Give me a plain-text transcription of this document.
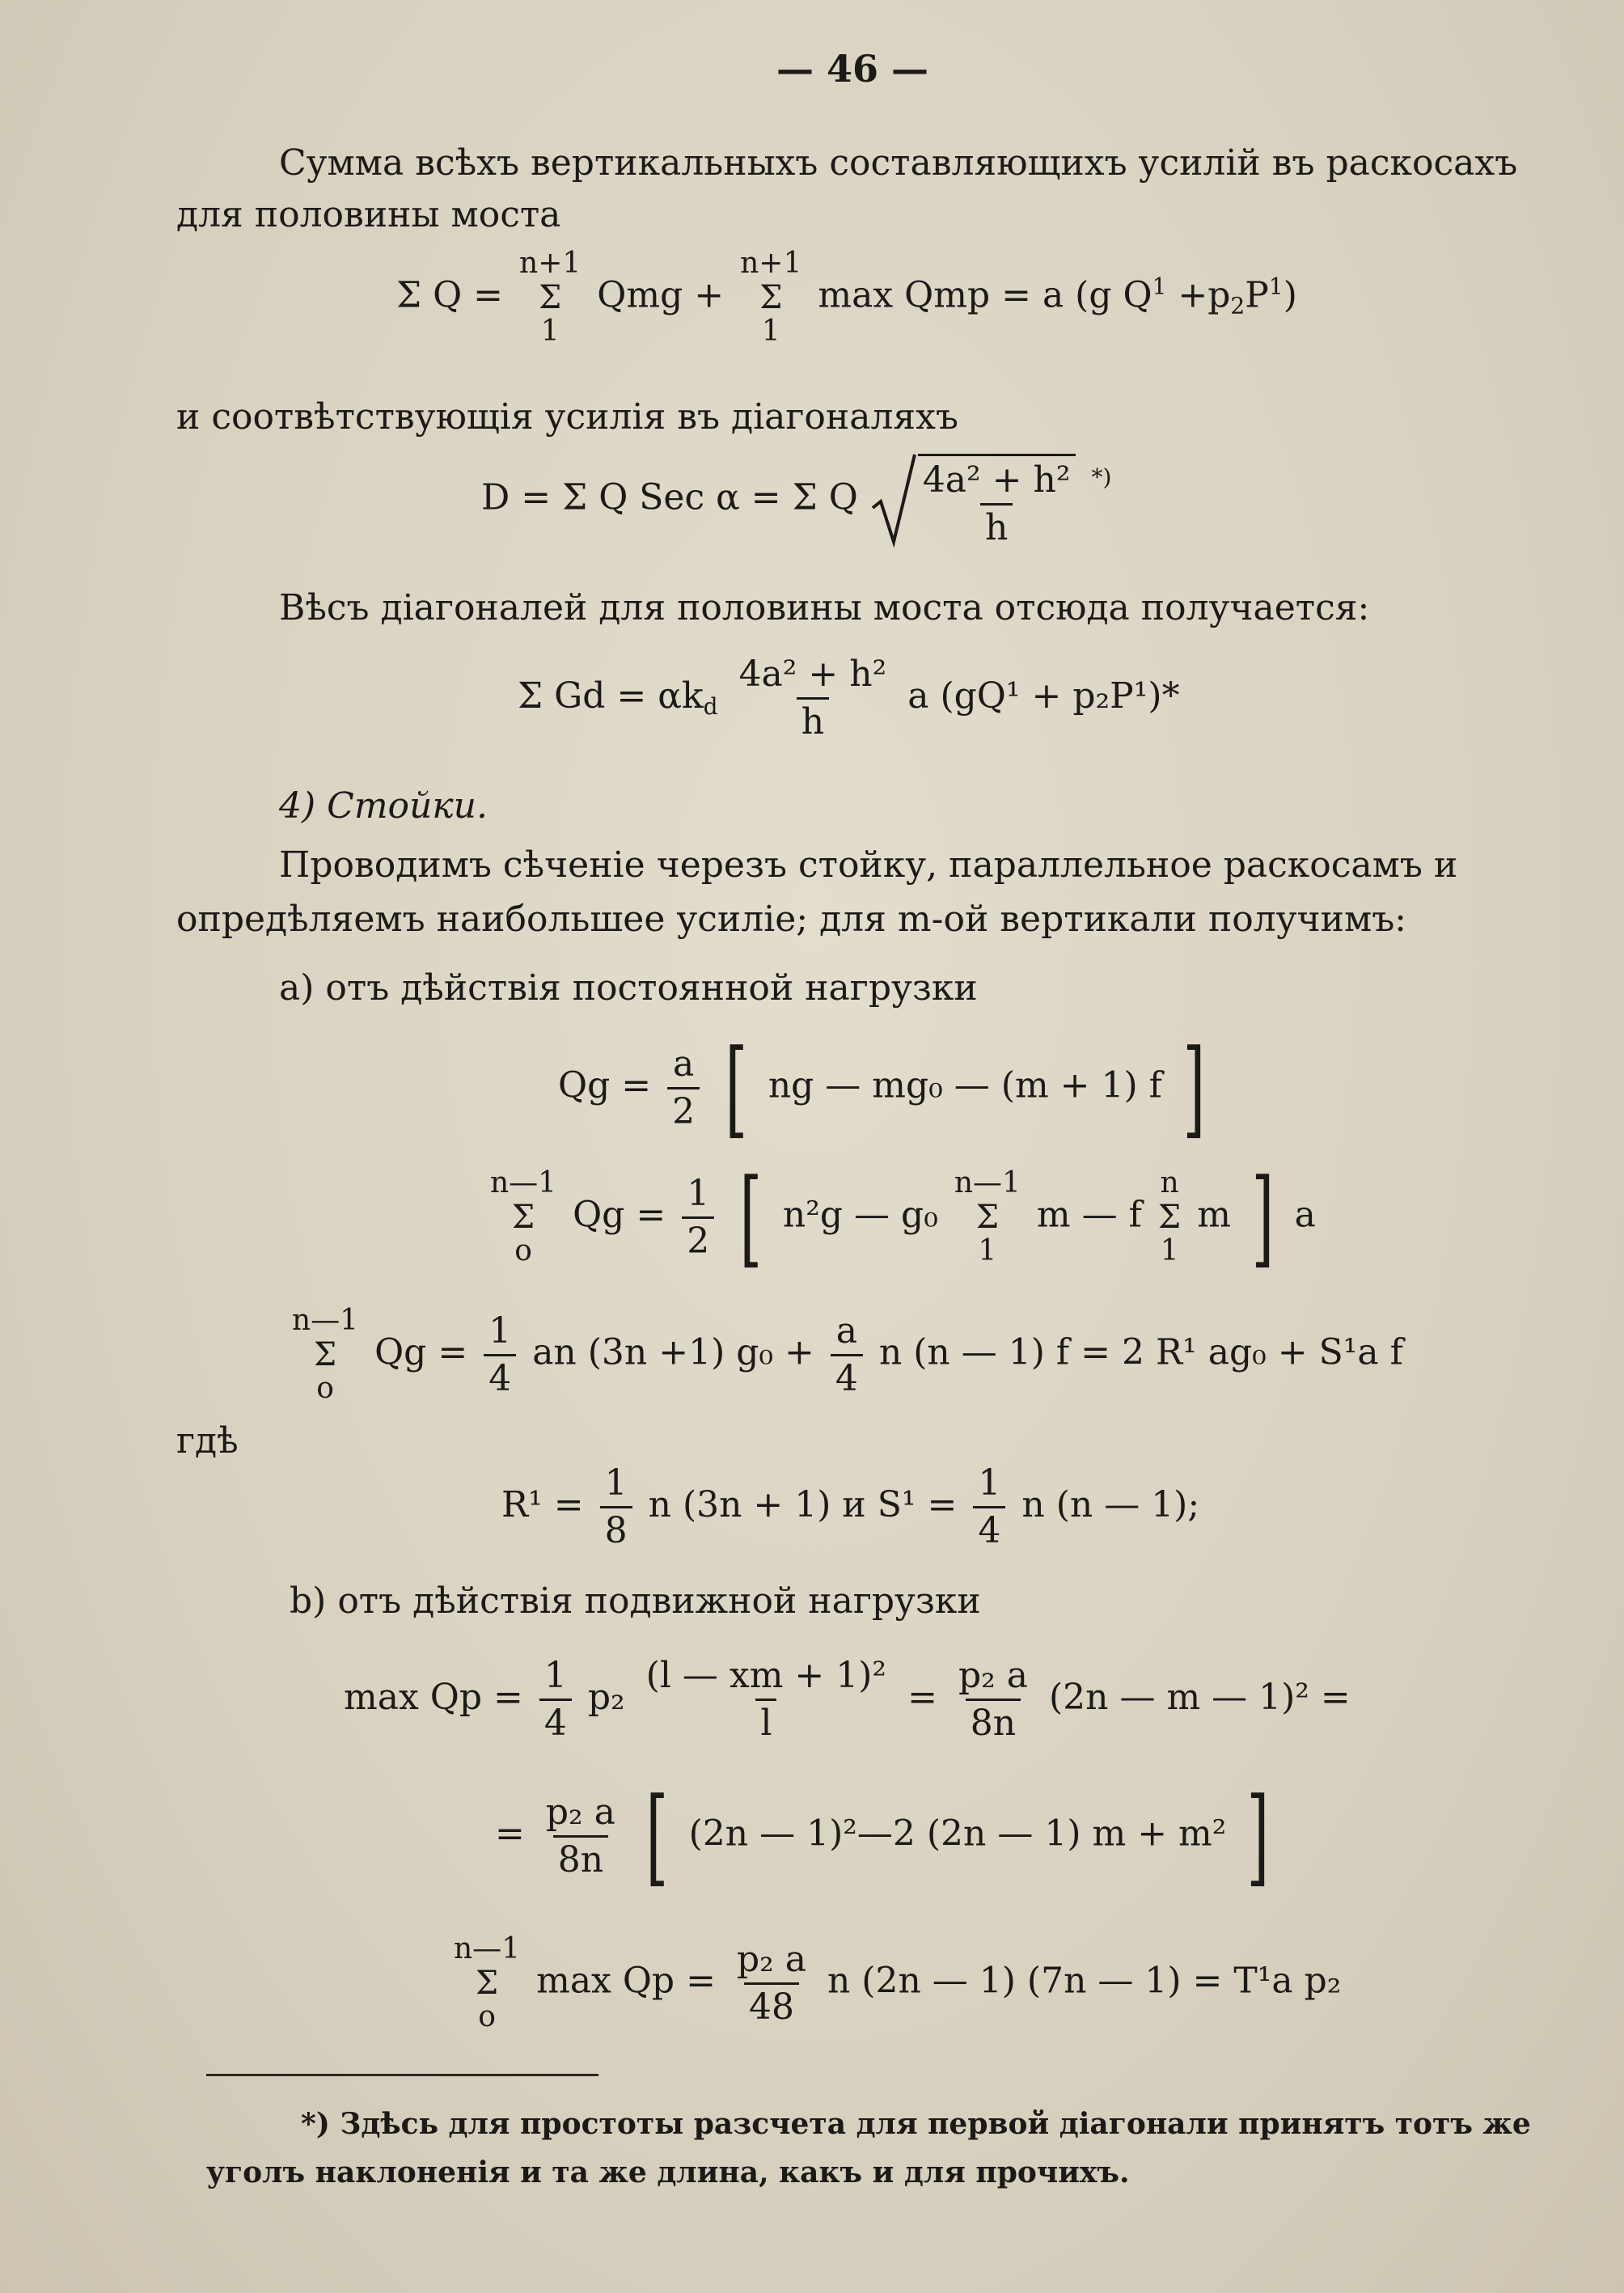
— 46 —
Сумма всѣхъ вертикальныхъ составляющихъ усилій въ раскосахъ
для половины моста
Σ Q =
n+1
Σ
1
Qmg +
n+1
Σ
1
max Qmp = a (g $Q^1 +p_2P^1$)
и соотвѣтствующія усилія въ діагоналяхъ
D = Σ Q Sec α = Σ Q 4a² + h²
h
*)
Вѣсъ діагоналей для половины моста отсюда получается:
Σ $Gd = \alpha k_d \frac{\text{4a² + h²}}{h}$ a (gQ¹ + p₂P¹)*
4) Стойки.
Проводимъ сѣченіе черезъ стойку, параллельное раскосамъ и
опредѣляемъ наибольшее усиліе; для m-ой вертикали получимъ:
a) отъ дѣйствія постоянной нагрузки
$Qg = \frac{a}{2}$ [ ng — mg₀ — (m + 1) f ]
n—1
Σ
o
$Qg = \frac{1}{2}$ [ n²g — g₀
n—1
Σ
1
m — f
n
Σ
1
m ] a
n—1
Σ
o
$Qg = \frac{1}{4}$ an (3n +1) $g_0 + \frac{a}{4}$ n (n — 1) f = 2 R¹ ag₀ + S¹a f
гдѣ
$R^1 = \frac{1}{8}$ n (3n + 1) и $S^1 = \frac{1}{4}$ n (n — 1);
b) отъ дѣйствія подвижной нагрузки
$\max Qp = \frac{1}{4} p_2 \frac{\text{(l — xm + 1)²}}{l} = \frac{\text{p₂ a}}{8n} (2n$ — m — 1)² =
= $\frac{\text{p₂ a}}{8n}$ [ (2n — 1)²—2 (2n — 1) m + m² ]
n—1
Σ
o
$\max Qp = \frac{\text{p₂ a}}{48}$ n (2n — 1) (7n — 1) = T¹a p₂
*) Здѣсь для простоты разсчета для первой діагонали принятъ тотъ же
уголъ наклоненія и та же длина, какъ и для прочихъ.
